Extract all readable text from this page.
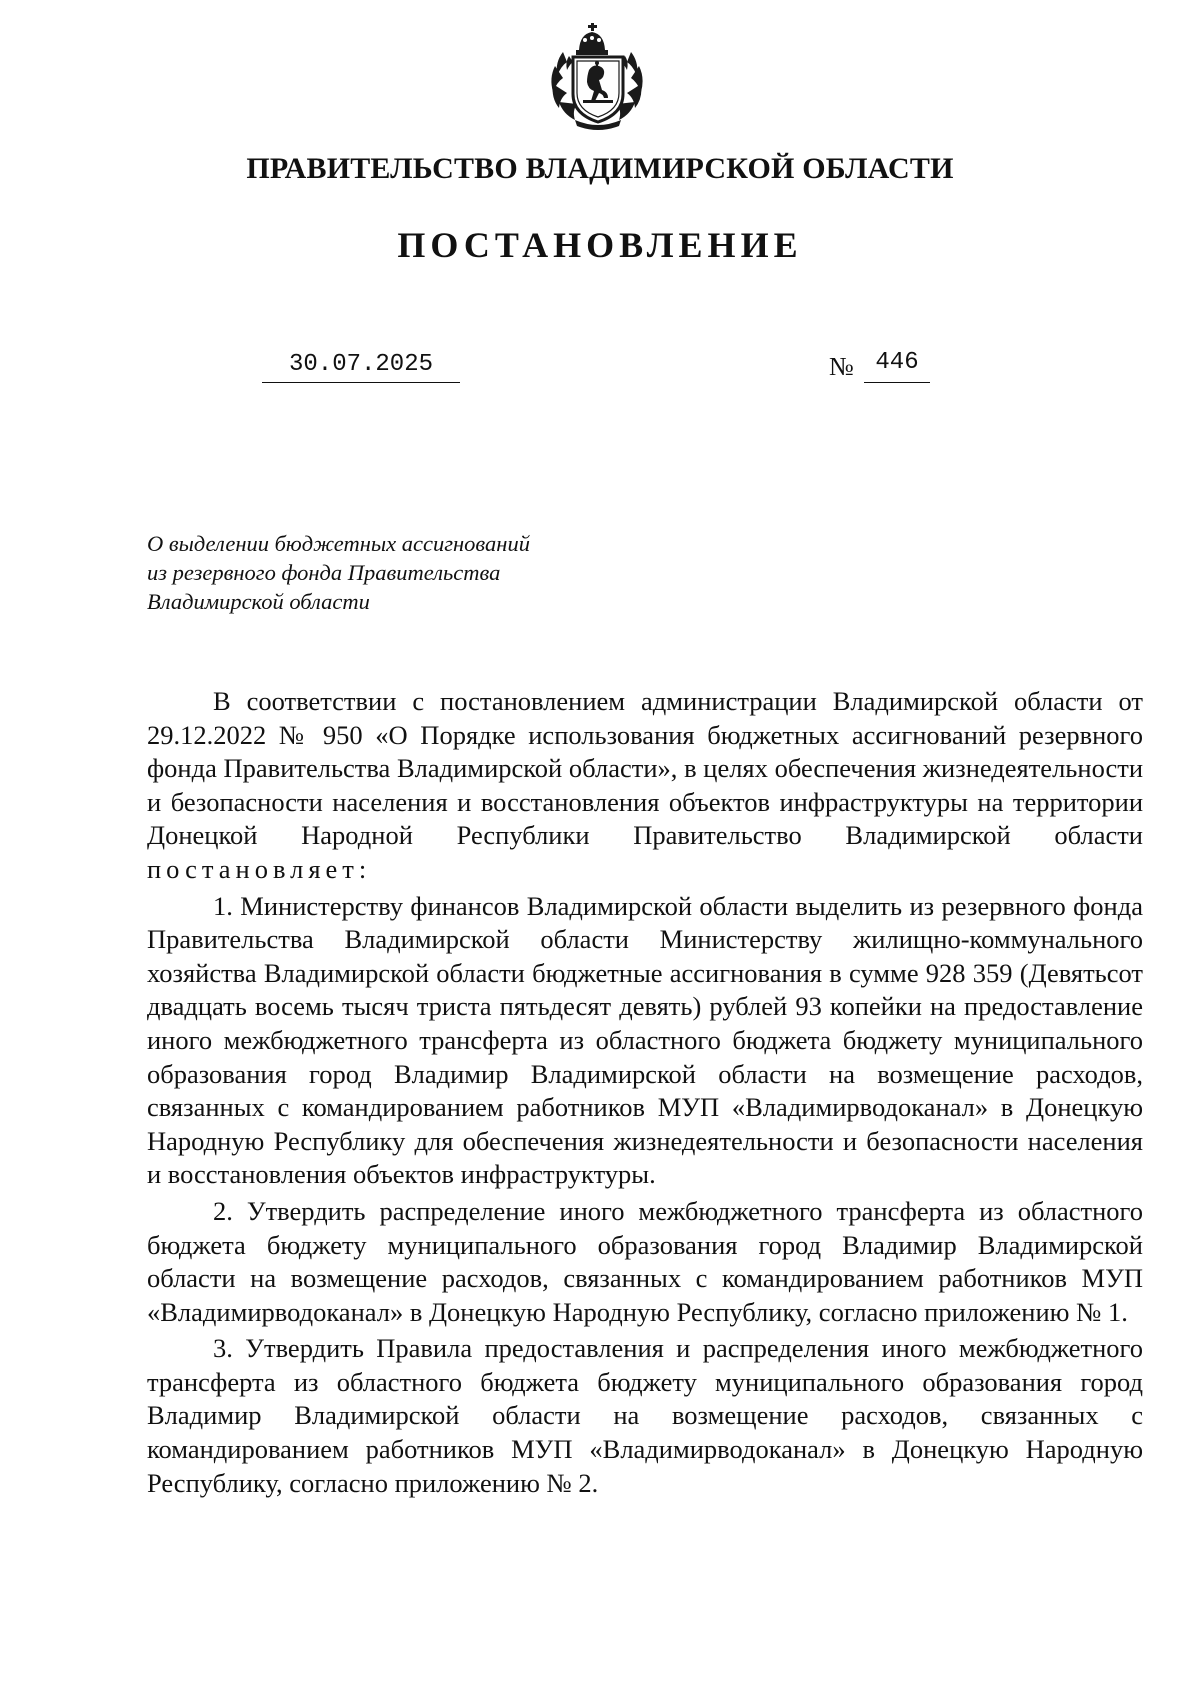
ПРАВИТЕЛЬСТВО ВЛАДИМИРСКОЙ ОБЛАСТИ
ПОСТАНОВЛЕНИЕ
30.07.2025	№ 446
О выделении бюджетных ассигнований
из резервного фонда Правительства
Владимирской области

В соответствии с постановлением администрации Владимирской области от 29.12.2022 № 950 «О Порядке использования бюджетных ассигнований резервного фонда Правительства Владимирской области», в целях обеспечения жизнедеятельности и безопасности населения и восстановления объектов инфраструктуры на территории Донецкой Народной Республики Правительство Владимирской области постановляет:

1. Министерству финансов Владимирской области выделить из резервного фонда Правительства Владимирской области Министерству жилищно-коммунального хозяйства Владимирской области бюджетные ассигнования в сумме 928 359 (Девятьсот двадцать восемь тысяч триста пятьдесят девять) рублей 93 копейки на предоставление иного межбюджетного трансферта из областного бюджета бюджету муниципального образования город Владимир Владимирской области на возмещение расходов, связанных с командированием работников МУП «Владимирводоканал» в Донецкую Народную Республику для обеспечения жизнедеятельности и безопасности населения и восстановления объектов инфраструктуры.

2. Утвердить распределение иного межбюджетного трансферта из областного бюджета бюджету муниципального образования город Владимир Владимирской области на возмещение расходов, связанных с командированием работников МУП «Владимирводоканал» в Донецкую Народную Республику, согласно приложению № 1.

3. Утвердить Правила предоставления и распределения иного межбюджетного трансферта из областного бюджета бюджету муниципального образования город Владимир Владимирской области на возмещение расходов, связанных с командированием работников МУП «Владимирводоканал» в Донецкую Народную Республику, согласно приложению № 2.
